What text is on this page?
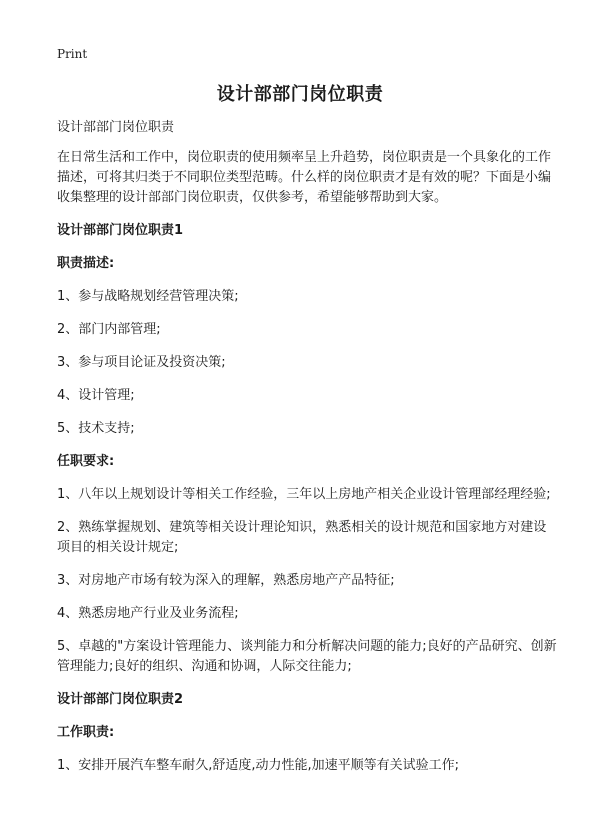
Print
设计部部门岗位职责

设计部部门岗位职责

在日常生活和工作中，岗位职责的使用频率呈上升趋势，岗位职责是一个具象化的工作描述，可将其归类于不同职位类型范畴。什么样的岗位职责才是有效的呢？下面是小编收集整理的设计部部门岗位职责，仅供参考，希望能够帮助到大家。

设计部部门岗位职责1

职责描述:

1、参与战略规划经营管理决策;

2、部门内部管理;

3、参与项目论证及投资决策;

4、设计管理;

5、技术支持;

任职要求:

1、八年以上规划设计等相关工作经验，三年以上房地产相关企业设计管理部经理经验;

2、熟练掌握规划、建筑等相关设计理论知识，熟悉相关的设计规范和国家地方对建设项目的相关设计规定;

3、对房地产市场有较为深入的理解，熟悉房地产产品特征;

4、熟悉房地产行业及业务流程;

5、卓越的"方案设计管理能力、谈判能力和分析解决问题的能力;良好的产品研究、创新管理能力;良好的组织、沟通和协调，人际交往能力;

设计部部门岗位职责2

工作职责:

1、安排开展汽车整车耐久,舒适度,动力性能,加速平顺等有关试验工作;
